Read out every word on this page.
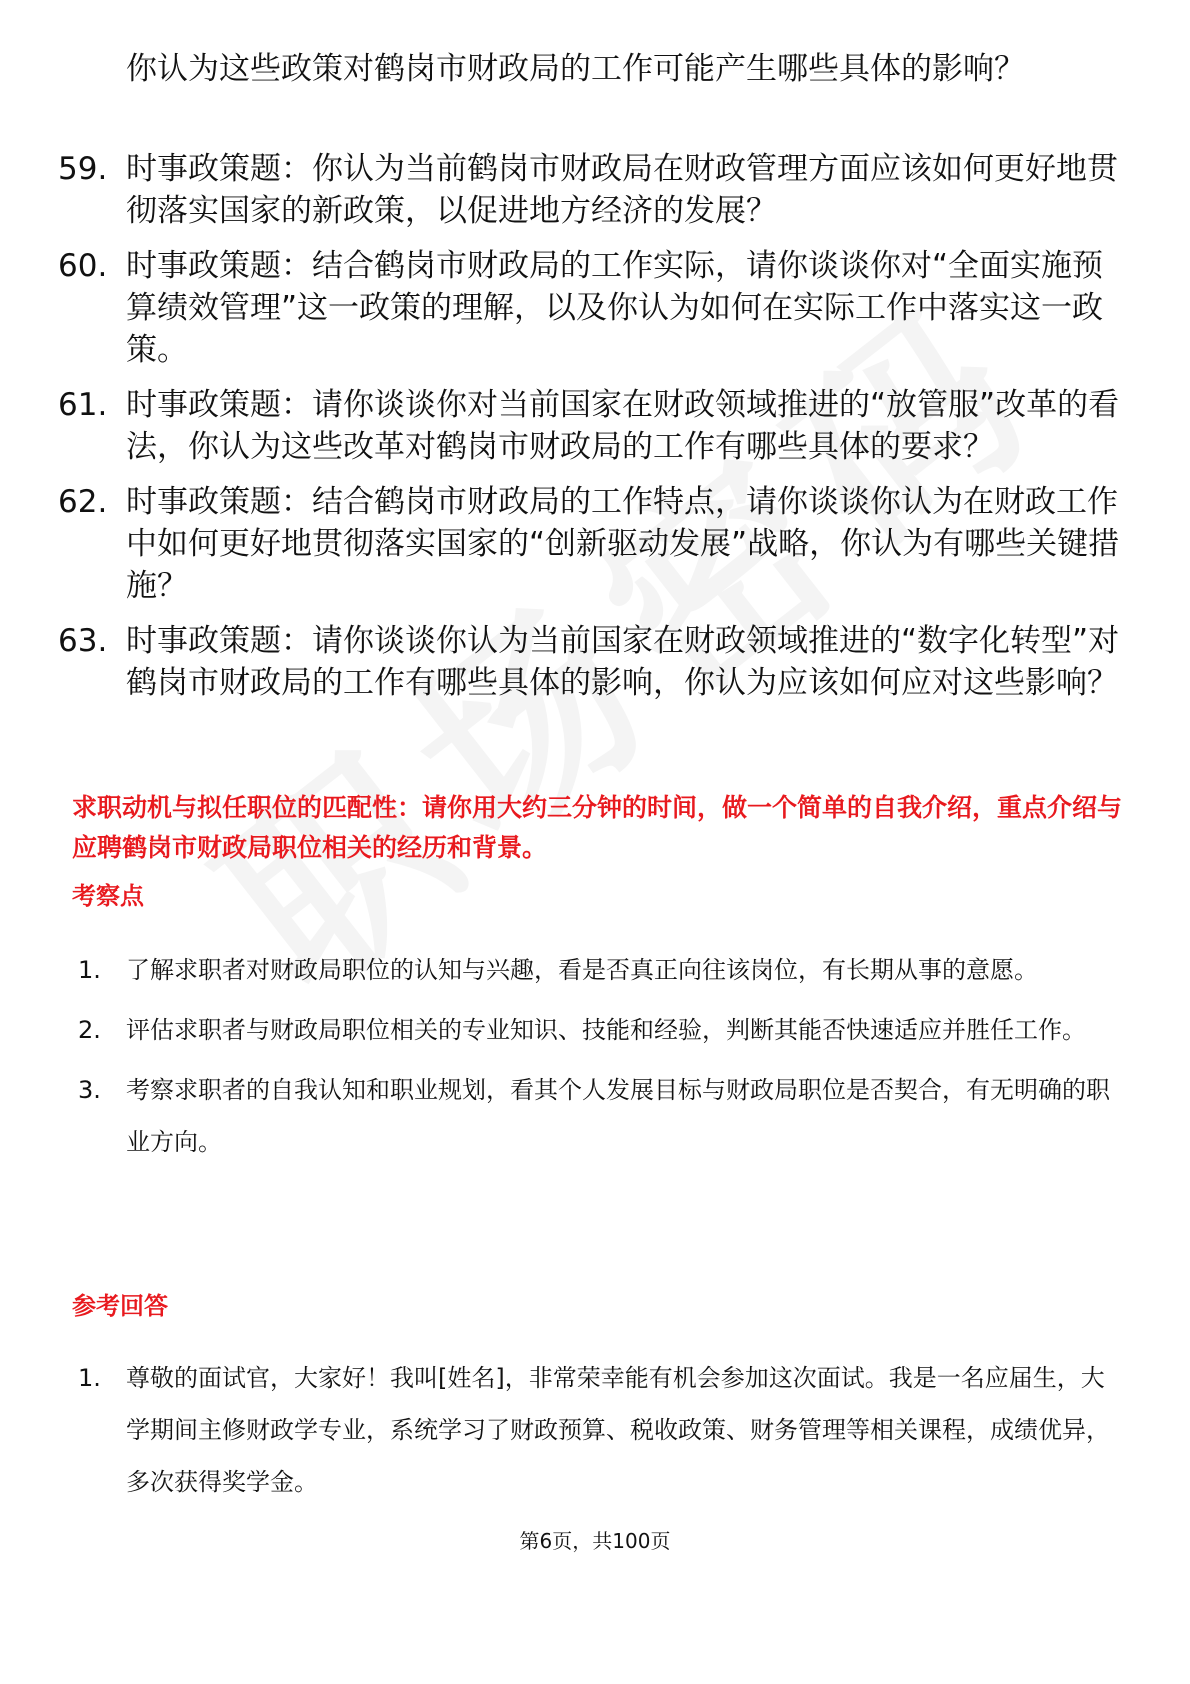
你认为这些政策对鹤岗市财政局的工作可能产生哪些具体的影响？
59. 时事政策题：你认为当前鹤岗市财政局在财政管理方面应该如何更好地贯彻落实国家的新政策，以促进地方经济的发展？
60. 时事政策题：结合鹤岗市财政局的工作实际，请你谈谈你对“全面实施预算绩效管理”这一政策的理解，以及你认为如何在实际工作中落实这一政策。
61. 时事政策题：请你谈谈你对当前国家在财政领域推进的“放管服”改革的看法，你认为这些改革对鹤岗市财政局的工作有哪些具体的要求？
62. 时事政策题：结合鹤岗市财政局的工作特点，请你谈谈你认为在财政工作中如何更好地贯彻落实国家的“创新驱动发展”战略，你认为有哪些关键措施？
63. 时事政策题：请你谈谈你认为当前国家在财政领域推进的“数字化转型”对鹤岗市财政局的工作有哪些具体的影响，你认为应该如何应对这些影响？
求职动机与拟任职位的匹配性：请你用大约三分钟的时间，做一个简单的自我介绍，重点介绍与应聘鹤岗市财政局职位相关的经历和背景。
考察点
1.	了解求职者对财政局职位的认知与兴趣，看是否真正向往该岗位，有长期从事的意愿。
2.	评估求职者与财政局职位相关的专业知识、技能和经验，判断其能否快速适应并胜任工作。
3.	考察求职者的自我认知和职业规划，看其个人发展目标与财政局职位是否契合，有无明确的职业方向。
参考回答
1.	尊敬的面试官，大家好！我叫[姓名]，非常荣幸能有机会参加这次面试。我是一名应届生，大学期间主修财政学专业，系统学习了财政预算、税收政策、财务管理等相关课程，成绩优异，多次获得奖学金。
第6页，共100页
